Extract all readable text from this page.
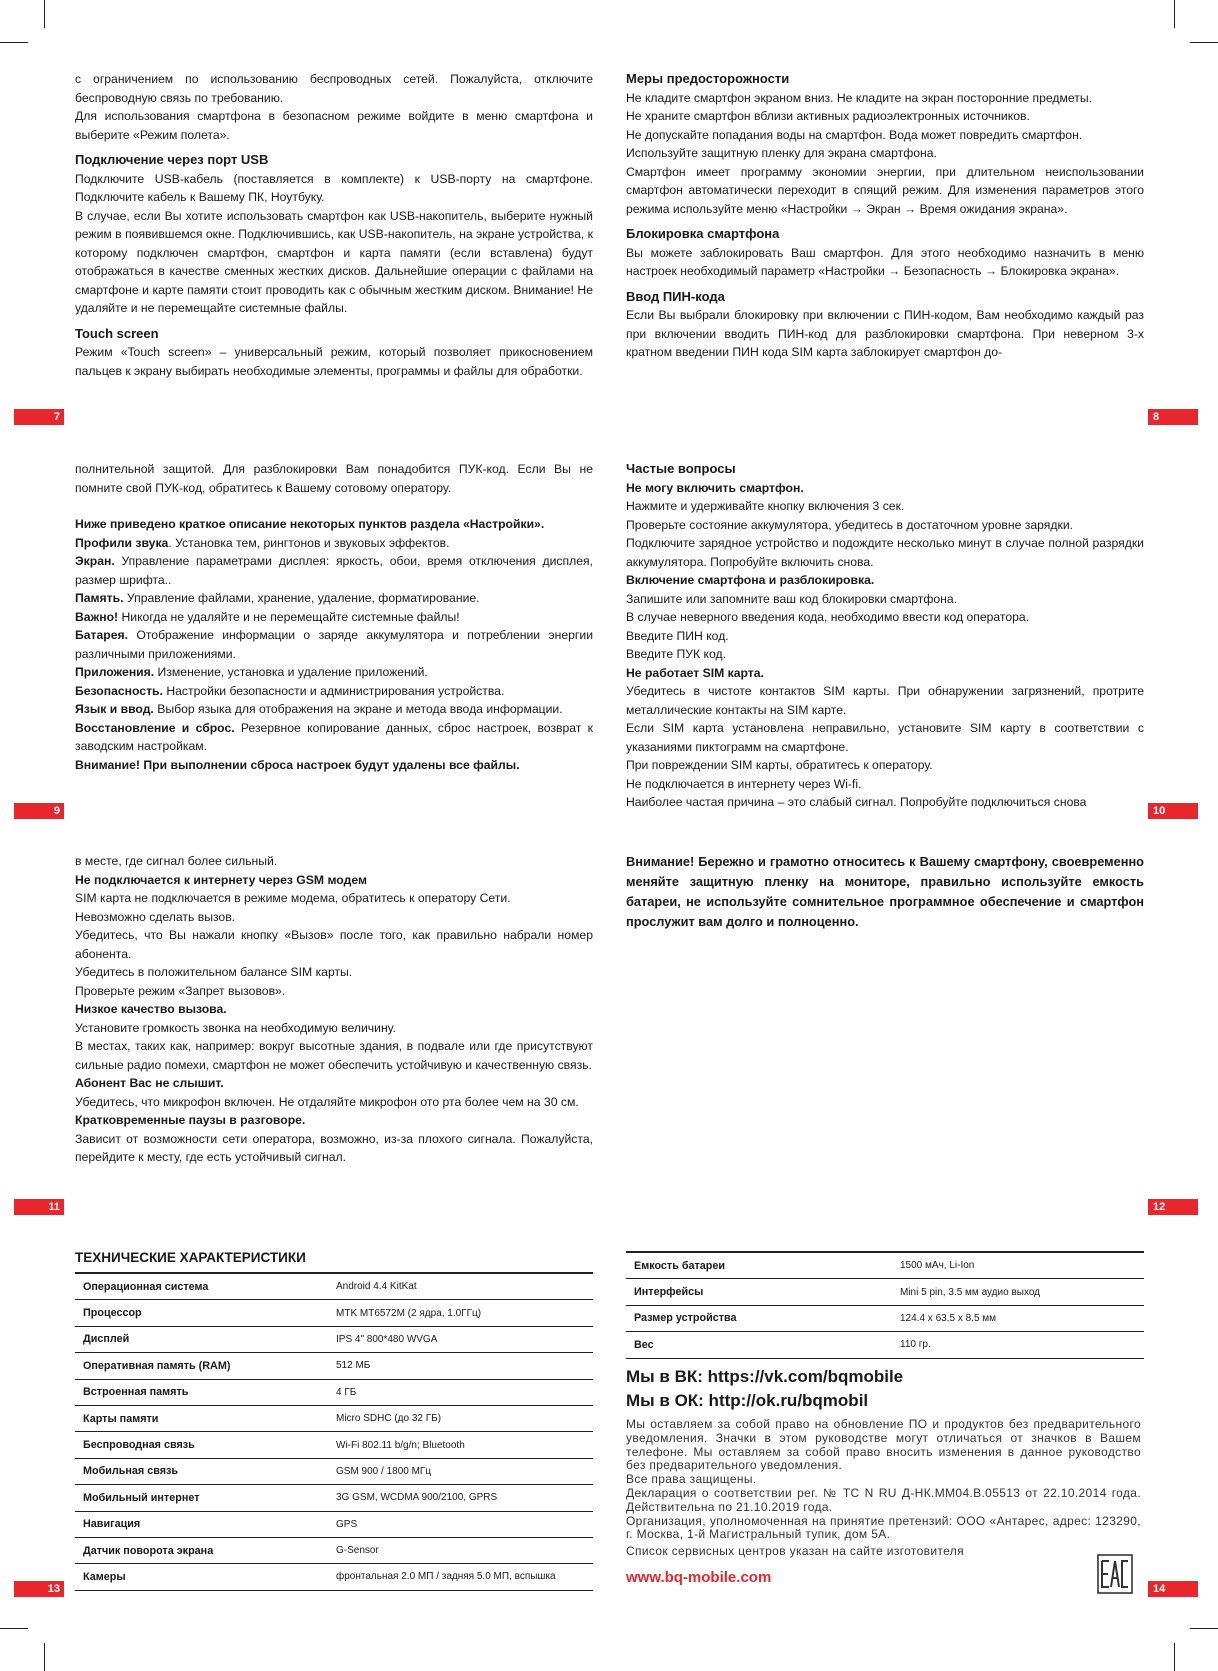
с ограничением по использованию беспроводных сетей. Пожалуйста, отключите беспроводную связь по требованию.

Для использования смартфона в безопасном режиме войдите в меню смартфона и выберите «Режим полета».

Подключение через порт USB

Подключите USB-кабель (поставляется в комплекте) к USB-порту на смартфоне. Подключите кабель к Вашему ПК, Ноутбуку.

В случае, если Вы хотите использовать смартфон как USB-накопитель, выберите нужный режим в появившемся окне. Подключившись, как USB-накопитель, на экране устройства, к которому подключен смартфон, смартфон и карта памяти (если вставлена) будут отображаться в качестве сменных жестких дисков. Дальнейшие операции с файлами на смартфоне и карте памяти стоит проводить как с обычным жестким диском. Внимание! Не удаляйте и не перемещайте системные файлы.

Touch screen

Режим «Touch screen» – универсальный режим, который позволяет прикосновением пальцев к экрану выбирать необходимые элементы, программы и файлы для обработки.

Меры предосторожности

Не кладите смартфон экраном вниз. Не кладите на экран посторонние предметы.

Не храните смартфон вблизи активных радиоэлектронных источников.

Не допускайте попадания воды на смартфон. Вода может повредить смартфон.

Используйте защитную пленку для экрана смартфона.

Смартфон имеет программу экономии энергии, при длительном неиспользовании смартфон автоматически переходит в спящий режим. Для изменения параметров этого режима используйте меню «Настройки → Экран → Время ожидания экрана».

Блокировка смартфона

Вы можете заблокировать Ваш смартфон. Для этого необходимо назначить в меню настроек необходимый параметр «Настройки → Безопасность → Блокировка экрана».

Ввод ПИН-кода

Если Вы выбрали блокировку при включении с ПИН-кодом, Вам необходимо каждый раз при включении вводить ПИН-код для разблокировки смартфона. При неверном 3-х кратном введении ПИН кода SIM карта заблокирует смартфон до-

полнительной защитой. Для разблокировки Вам понадобится ПУК-код. Если Вы не помните свой ПУК-код, обратитесь к Вашему сотовому оператору.

Ниже приведено краткое описание некоторых пунктов раздела «Настройки».

Профили звука. Установка тем, рингтонов и звуковых эффектов.

Экран. Управление параметрами дисплея: яркость, обои, время отключения дисплея, размер шрифта..

Память. Управление файлами, хранение, удаление, форматирование.

Важно! Никогда не удаляйте и не перемещайте системные файлы!

Батарея. Отображение информации о заряде аккумулятора и потреблении энергии различными приложениями.

Приложения. Изменение, установка и удаление приложений.

Безопасность. Настройки безопасности и администрирования устройства.

Язык и ввод. Выбор языка для отображения на экране и метода ввода информации.

Восстановление и сброс. Резервное копирование данных, сброс настроек, возврат к заводским настройкам.

Внимание! При выполнении сброса настроек будут удалены все файлы.

Частые вопросы

Не могу включить смартфон.

Нажмите и удерживайте кнопку включения 3 сек.

Проверьте состояние аккумулятора, убедитесь в достаточном уровне зарядки.

Подключите зарядное устройство и подождите несколько минут в случае полной разрядки аккумулятора. Попробуйте включить снова.

Включение смартфона и разблокировка.

Запишите или запомните ваш код блокировки смартфона.

В случае неверного введения кода, необходимо ввести код оператора.

Введите ПИН код.

Введите ПУК код.

Не работает SIM карта.

Убедитесь в чистоте контактов SIM карты. При обнаружении загрязнений, протрите металлические контакты на SIM карте.

Если SIM карта установлена неправильно, установите SIM карту в соответствии с указаниями пиктограмм на смартфоне.

При повреждении SIM карты, обратитесь к оператору.

Не подключается в интернету через Wi-fi.

Наиболее частая причина – это слабый сигнал. Попробуйте подключиться снова

в месте, где сигнал более сильный.

Не подключается к интернету через GSM модем

SIM карта не подключается в режиме модема, обратитесь к оператору Сети.

Невозможно сделать вызов.

Убедитесь, что Вы нажали кнопку «Вызов» после того, как правильно набрали номер абонента.

Убедитесь в положительном балансе SIM карты.

Проверьте режим «Запрет вызовов».

Низкое качество вызова.

Установите громкость звонка на необходимую величину.

В местах, таких как, например: вокруг высотные здания, в подвале или где присутствуют сильные радио помехи, смартфон не может обеспечить устойчивую и качественную связь.

Абонент Вас не слышит.

Убедитесь, что микрофон включен. Не отдаляйте микрофон ото рта более чем на 30 см.

Кратковременные паузы в разговоре.

Зависит от возможности сети оператора, возможно, из-за плохого сигнала. Пожалуйста, перейдите к месту, где есть устойчивый сигнал.

Внимание! Бережно и грамотно относитесь к Вашему смартфону, своевременно меняйте защитную пленку на мониторе, правильно используйте емкость батареи, не используйте сомнительное программное обеспечение и смартфон прослужит вам долго и полноценно.

7	8
9	10
11	12
13	14
ТЕХНИЧЕСКИЕ ХАРАКТЕРИСТИКИ
Операционная система	Android 4.4 KitKat
Процессор	MTK MT6572M (2 ядра, 1.0ГГц)
Дисплей	IPS 4" 800*480 WVGA
Оперативная память (RAM)	512 МБ
Встроенная память	4 ГБ
Карты памяти	Micro SDHC (до 32 ГБ)
Беспроводная связь	Wi-Fi 802.11 b/g/n; Bluetooth
Мобильная связь	GSM 900 / 1800 МГц
Мобильный интернет	3G GSM, WCDMA 900/2100, GPRS
Навигация	GPS
Датчик поворота экрана	G-Sensor
Камеры	фронтальная 2.0 МП / задняя 5.0 МП, вспышка
Емкость батареи	1500 мАч, Li-Ion
Интерфейсы	Mini 5 pin, 3.5 мм аудио выход
Размер устройства	124.4 x 63.5 x 8.5 мм
Вес	110 гр.
Мы в ВК: https://vk.com/bqmobile
Мы в ОК: http://ok.ru/bqmobil

Мы оставляем за собой право на обновление ПО и продуктов без предварительного уведомления. Значки в этом руководстве могут отличаться от значков в Вашем телефоне. Мы оставляем за собой право вносить изменения в данное руководство без предварительного уведомления.

Все права защищены.

Декларация о соответствии рег. № ТС N RU Д-НК.ММ04.В.05513 от 22.10.2014 года. Действительна по 21.10.2019 года.

Организация, уполномоченная на принятие претензий: ООО «Антарес, адрес: 123290, г. Москва, 1-й Магистральный тупик, дом 5А.

Список сервисных центров указан на сайте изготовителя

www.bq-mobile.com
